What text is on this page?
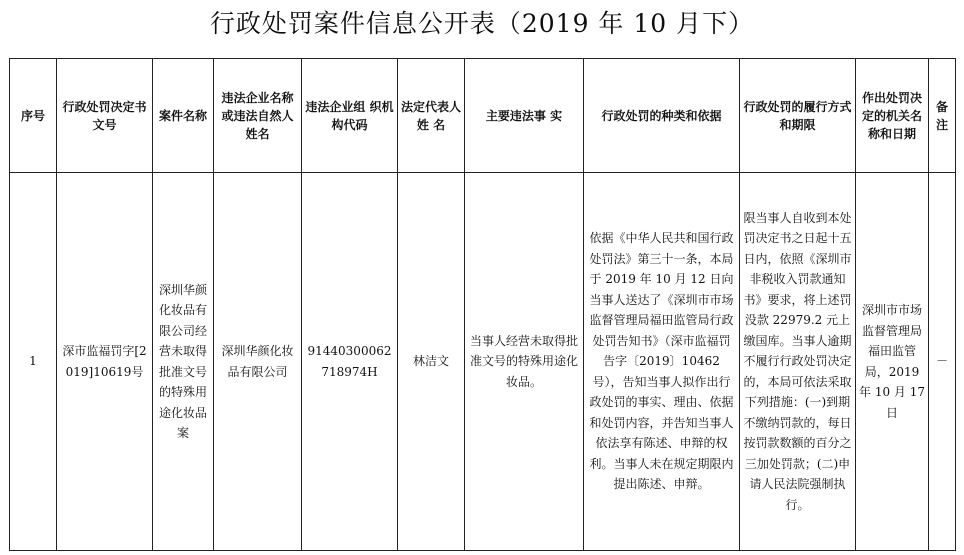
行政处罚案件信息公开表（2019 年 10 月下）
序号	行政处罚决定书文号	案件名称	违法企业名称或违法自然人姓名	违法企业组 织机构代码	法定代表人姓 名	主要违法事 实	行政处罚的种类和依据	行政处罚的履行方式和期限	作出处罚决定的机关名称和日期	备注
1	深市监福罚字[2019]10619号	深圳华颜化妆品有限公司经营未取得批准文号的特殊用途化妆品案	深圳华颜化妆品有限公司	91440300062718974H	林洁文	当事人经营未取得批准文号的特殊用途化妆品。	依据《中华人民共和国行政处罚法》第三十一条，本局于 2019 年 10 月 12 日向当事人送达了《深圳市市场监督管理局福田监管局行政处罚告知书》（深市监福罚告字〔2019〕10462 号），告知当事人拟作出行政处罚的事实、理由、依据和处罚内容，并告知当事人依法享有陈述、申辩的权利。当事人未在规定期限内提出陈述、申辩。	限当事人自收到本处罚决定书之日起十五日内，依照《深圳市非税收入罚款通知书》要求，将上述罚没款 22979.2 元上缴国库。当事人逾期不履行行政处罚决定的，本局可依法采取下列措施：(一)到期不缴纳罚款的，每日按罚款数额的百分之三加处罚款；(二)申请人民法院强制执行。	深圳市市场监督管理局福田监管局，2019 年 10 月 17 日	－
